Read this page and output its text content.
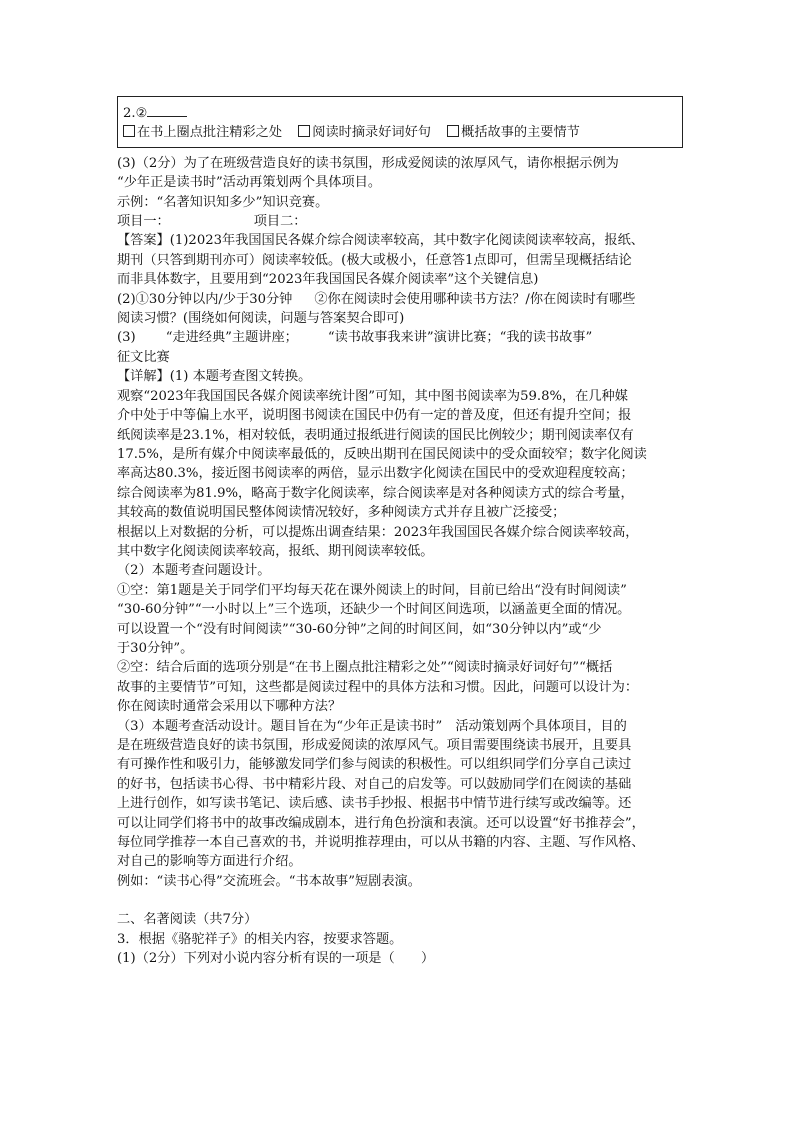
2.②

在书上圈点批注精彩之处 阅读时摘录好词好句 概括故事的主要情节

(3)（2分）为了在班级营造良好的读书氛围，形成爱阅读的浓厚风气，请你根据示例为

“少年正是读书时”活动再策划两个具体项目。

示例：“名著知识知多少”知识竞赛。

项目一：	项目二：

【答案】(1)2023年我国国民各媒介综合阅读率较高，其中数字化阅读阅读率较高，报纸、

期刊（只答到期刊亦可）阅读率较低。(极大或极小，任意答1点即可，但需呈现概括结论

而非具体数字，且要用到“2023年我国国民各媒介阅读率”这个关键信息)

(2)①30分钟以内/少于30分钟 ②你在阅读时会使用哪种读书方法？/你在阅读时有哪些

阅读习惯？(围绕如何阅读，问题与答案契合即可)

(3) “走进经典”主题讲座； “读书故事我来讲”演讲比赛；“我的读书故事”

征文比赛

【详解】(1) 本题考查图文转换。

观察“2023年我国国民各媒介阅读率统计图”可知，其中图书阅读率为59.8%，在几种媒

介中处于中等偏上水平，说明图书阅读在国民中仍有一定的普及度，但还有提升空间；报

纸阅读率是23.1%，相对较低，表明通过报纸进行阅读的国民比例较少；期刊阅读率仅有

17.5%，是所有媒介中阅读率最低的，反映出期刊在国民阅读中的受众面较窄；数字化阅读

率高达80.3%，接近图书阅读率的两倍，显示出数字化阅读在国民中的受欢迎程度较高；

综合阅读率为81.9%，略高于数字化阅读率，综合阅读率是对各种阅读方式的综合考量，

其较高的数值说明国民整体阅读情况较好，多种阅读方式并存且被广泛接受；

根据以上对数据的分析，可以提炼出调查结果：2023年我国国民各媒介综合阅读率较高，

其中数字化阅读阅读率较高，报纸、期刊阅读率较低。

（2）本题考查问题设计。

①空：第1题是关于同学们平均每天花在课外阅读上的时间，目前已给出“没有时间阅读”

“30-60分钟”“一小时以上”三个选项，还缺少一个时间区间选项，以涵盖更全面的情况。

可以设置一个“没有时间阅读”“30-60分钟”之间的时间区间，如“30分钟以内”或“少

于30分钟”。

②空：结合后面的选项分别是“在书上圈点批注精彩之处”“阅读时摘录好词好句”“概括

故事的主要情节”可知，这些都是阅读过程中的具体方法和习惯。因此，问题可以设计为：

你在阅读时通常会采用以下哪种方法？

（3）本题考查活动设计。题目旨在为“少年正是读书时”　活动策划两个具体项目，目的

是在班级营造良好的读书氛围，形成爱阅读的浓厚风气。项目需要围绕读书展开，且要具

有可操作性和吸引力，能够激发同学们参与阅读的积极性。可以组织同学们分享自己读过

的好书，包括读书心得、书中精彩片段、对自己的启发等。可以鼓励同学们在阅读的基础

上进行创作，如写读书笔记、读后感、读书手抄报、根据书中情节进行续写或改编等。还

可以让同学们将书中的故事改编成剧本，进行角色扮演和表演。还可以设置“好书推荐会”，

每位同学推荐一本自己喜欢的书，并说明推荐理由，可以从书籍的内容、主题、写作风格、

对自己的影响等方面进行介绍。

例如：“读书心得”交流班会。“书本故事”短剧表演。

二、名著阅读（共7分）

3．根据《骆驼祥子》的相关内容，按要求答题。

(1)（2分）下列对小说内容分析有误的一项是（　　）
